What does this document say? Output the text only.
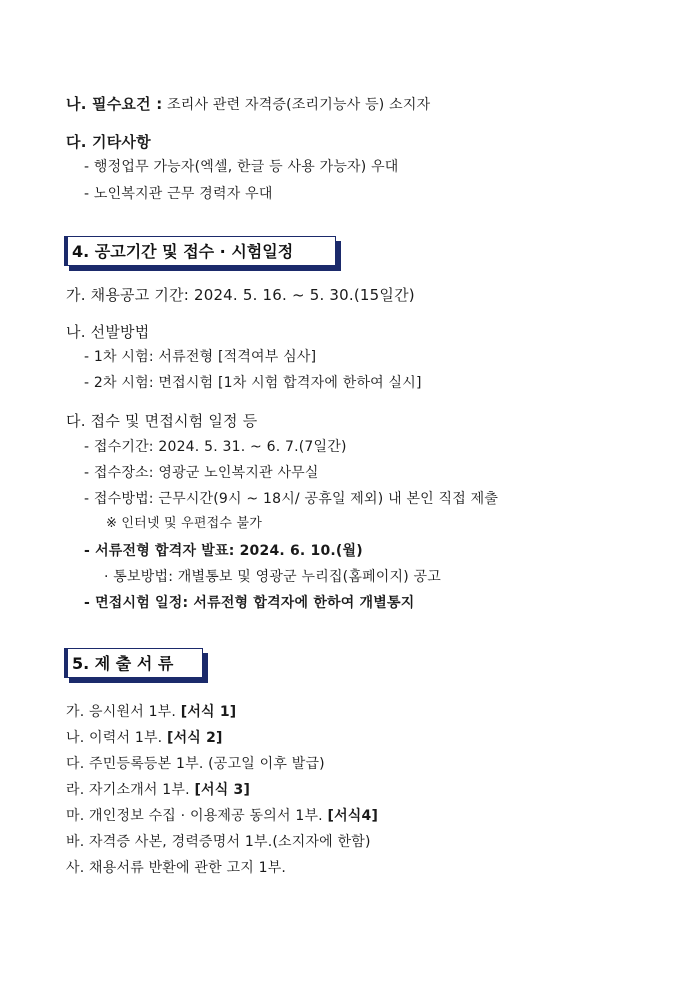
나. 필수요건 : 조리사 관련 자격증(조리기능사 등) 소지자
다. 기타사항
- 행정업무 가능자(엑셀, 한글 등 사용 가능자) 우대
- 노인복지관 근무 경력자 우대
4. 공고기간 및 접수 · 시험일정
가. 채용공고 기간: 2024. 5. 16. ~ 5. 30.(15일간)
나. 선발방법
- 1차 시험: 서류전형 [적격여부 심사]
- 2차 시험: 면접시험 [1차 시험 합격자에 한하여 실시]
다. 접수 및 면접시험 일정 등
- 접수기간: 2024. 5. 31. ~ 6. 7.(7일간)
- 접수장소: 영광군 노인복지관 사무실
- 접수방법: 근무시간(9시 ~ 18시/ 공휴일 제외) 내 본인 직접 제출
※ 인터넷 및 우편접수 불가
- 서류전형 합격자 발표: 2024. 6. 10.(월)
· 통보방법: 개별통보 및 영광군 누리집(홈페이지) 공고
- 면접시험 일정: 서류전형 합격자에 한하여 개별통지
5. 제 출 서 류
가. 응시원서 1부. [서식 1]
나. 이력서 1부. [서식 2]
다. 주민등록등본 1부. (공고일 이후 발급)
라. 자기소개서 1부. [서식 3]
마. 개인정보 수집 · 이용제공 동의서 1부. [서식4]
바. 자격증 사본, 경력증명서 1부.(소지자에 한함)
사. 채용서류 반환에 관한 고지 1부.
